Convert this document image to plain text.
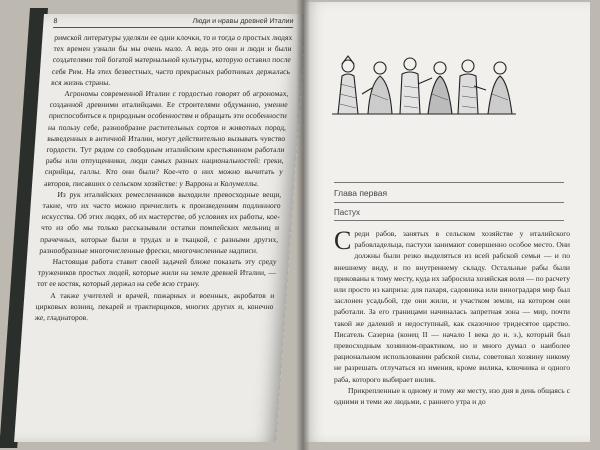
8	Люди и нравы древней Италии

римской литературы уделяли ее одни клочки, то и тогда о простых людях тех времен узнали бы мы очень мало. А ведь это они и люди и были создателями той богатой материальной культуры, которую оставил после себя Рим. На этих безвестных, часто прекрасных работниках держалась вся жизнь страны.

Агрономы современной Италии с гордостью говорят об агрономах, созданной древними италийцами. Ее строителями обдуманно, умение приспособиться к природным особенностям и обращать эти особенности на пользу себе, разнообразие растительных сортов и животных пород, выведенных в античной Италии, могут действительно вызывать чувство гордости. Тут рядом со свободным италийским крестьянином работали рабы или отпущенники, люди самых разных национальностей: греки, сирийцы, галлы. Кто они были? Кое-что о них можно вычитать у авторов, писавших о сельском хозяйстве: у Варрона и Колумеллы.

Из рук италийских ремесленников выходили превосходные вещи, такие, что их часто можно причислить к произведениям подлинного искусства. Об этих людях, об их мастерстве, об условиях их работы, кое-что из обо мы только рассказывали остатки помпейских мельниц и прачечных, которые были в трудах и в ткацкой, с разными других, разнообразные многочисленные фрески, многочисленные надписи.

Настоящая работа ставит своей задачей ближе показать эту среду тружеников простых людей, которые жили на земле древней Италии, — тот ее костяк, который держал на себе всю страну.

А также учителей и врачей, пожарных и военных, акробатов и цирковых возниц, пекарей и трактирщиков, многих других и, конечно же, гладиаторов.

Глава первая
Пастух

Среди рабов, занятых в сельском хозяйстве у италийского рабовладельца, пастухи занимают совершенно особое место. Они должны были резко выделяться из всей рабской семьи — и по внешнему виду, и по внутреннему складу. Остальные рабы были прикованы к тому месту, куда их забросила хозяйская воля — по расчету или просто из каприза: для пахаря, садовника или виноградаря мир был заслонен усадьбой, где они жили, и участком земли, на котором они работали. За его границами начиналась запретная зона — мир, почти такой же далекий и недоступный, как сказочное тридесятое царство. Писатель Сазерна (конец II — начало I века до н. э.), который был превосходным хозяином-практиком, но и много думал о наиболее рациональном использовании рабской силы, советовал хозяину никому не разрешать отлучаться из имения, кроме вилика, ключника и одного раба, которого выбирает вилик.

Прикрепленные к одному и тому же месту, изо дня в день общаясь с одними и теми же людьми, с раннего утра и до
